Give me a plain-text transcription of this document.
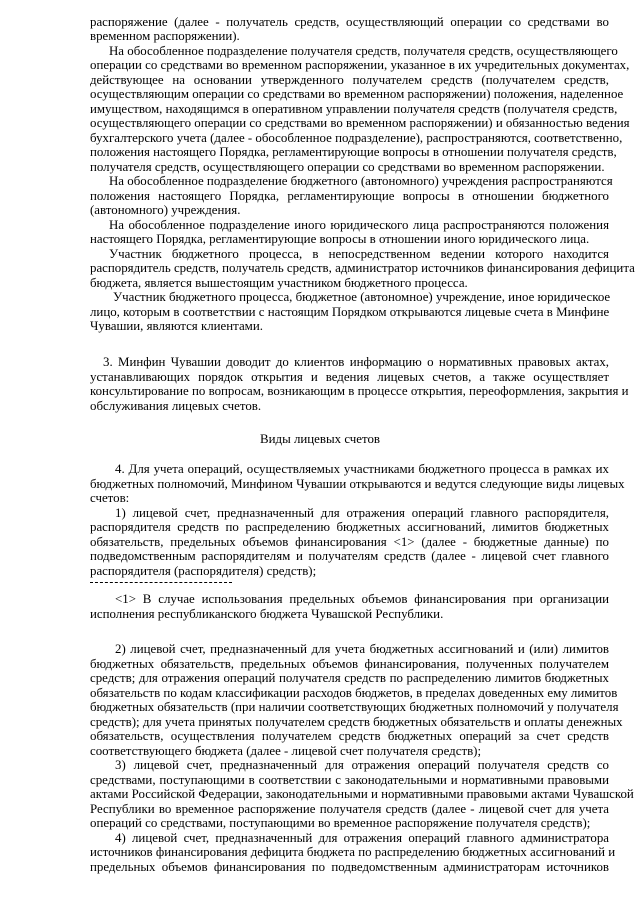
распоряжение (далее - получатель средств, осуществляющий операции со средствами во
временном распоряжении).
На обособленное подразделение получателя средств, получателя средств, осуществляющего
операции со средствами во временном распоряжении, указанное в их учредительных документах,
действующее на основании утвержденного получателем средств (получателем средств,
осуществляющим операции со средствами во временном распоряжении) положения, наделенное
имуществом, находящимся в оперативном управлении получателя средств (получателя средств,
осуществляющего операции со средствами во временном распоряжении) и обязанностью ведения
бухгалтерского учета (далее - обособленное подразделение), распространяются, соответственно,
положения настоящего Порядка, регламентирующие вопросы в отношении получателя средств,
получателя средств, осуществляющего операции со средствами во временном распоряжении.
На обособленное подразделение бюджетного (автономного) учреждения распространяются
положения настоящего Порядка, регламентирующие вопросы в отношении бюджетного
(автономного) учреждения.
На обособленное подразделение иного юридического лица распространяются положения
настоящего Порядка, регламентирующие вопросы в отношении иного юридического лица.
Участник бюджетного процесса, в непосредственном ведении которого находится
распорядитель средств, получатель средств, администратор источников финансирования дефицита
бюджета, является вышестоящим участником бюджетного процесса.
Участник бюджетного процесса, бюджетное (автономное) учреждение, иное юридическое
лицо, которым в соответствии с настоящим Порядком открываются лицевые счета в Минфине
Чувашии, являются клиентами.
3. Минфин Чувашии доводит до клиентов информацию о нормативных правовых актах,
устанавливающих порядок открытия и ведения лицевых счетов, а также осуществляет
консультирование по вопросам, возникающим в процессе открытия, переоформления, закрытия и
обслуживания лицевых счетов.
Виды лицевых счетов
4. Для учета операций, осуществляемых участниками бюджетного процесса в рамках их
бюджетных полномочий, Минфином Чувашии открываются и ведутся следующие виды лицевых
счетов:
1) лицевой счет, предназначенный для отражения операций главного распорядителя,
распорядителя средств по распределению бюджетных ассигнований, лимитов бюджетных
обязательств, предельных объемов финансирования <1> (далее - бюджетные данные) по
подведомственным распорядителям и получателям средств (далее - лицевой счет главного
распорядителя (распорядителя) средств);
<1> В случае использования предельных объемов финансирования при организации
исполнения республиканского бюджета Чувашской Республики.
2) лицевой счет, предназначенный для учета бюджетных ассигнований и (или) лимитов
бюджетных обязательств, предельных объемов финансирования, полученных получателем
средств; для отражения операций получателя средств по распределению лимитов бюджетных
обязательств по кодам классификации расходов бюджетов, в пределах доведенных ему лимитов
бюджетных обязательств (при наличии соответствующих бюджетных полномочий у получателя
средств); для учета принятых получателем средств бюджетных обязательств и оплаты денежных
обязательств, осуществления получателем средств бюджетных операций за счет средств
соответствующего бюджета (далее - лицевой счет получателя средств);
3) лицевой счет, предназначенный для отражения операций получателя средств со
средствами, поступающими в соответствии с законодательными и нормативными правовыми
актами Российской Федерации, законодательными и нормативными правовыми актами Чувашской
Республики во временное распоряжение получателя средств (далее - лицевой счет для учета
операций со средствами, поступающими во временное распоряжение получателя средств);
4) лицевой счет, предназначенный для отражения операций главного администратора
источников финансирования дефицита бюджета по распределению бюджетных ассигнований и
предельных объемов финансирования по подведомственным администраторам источников
